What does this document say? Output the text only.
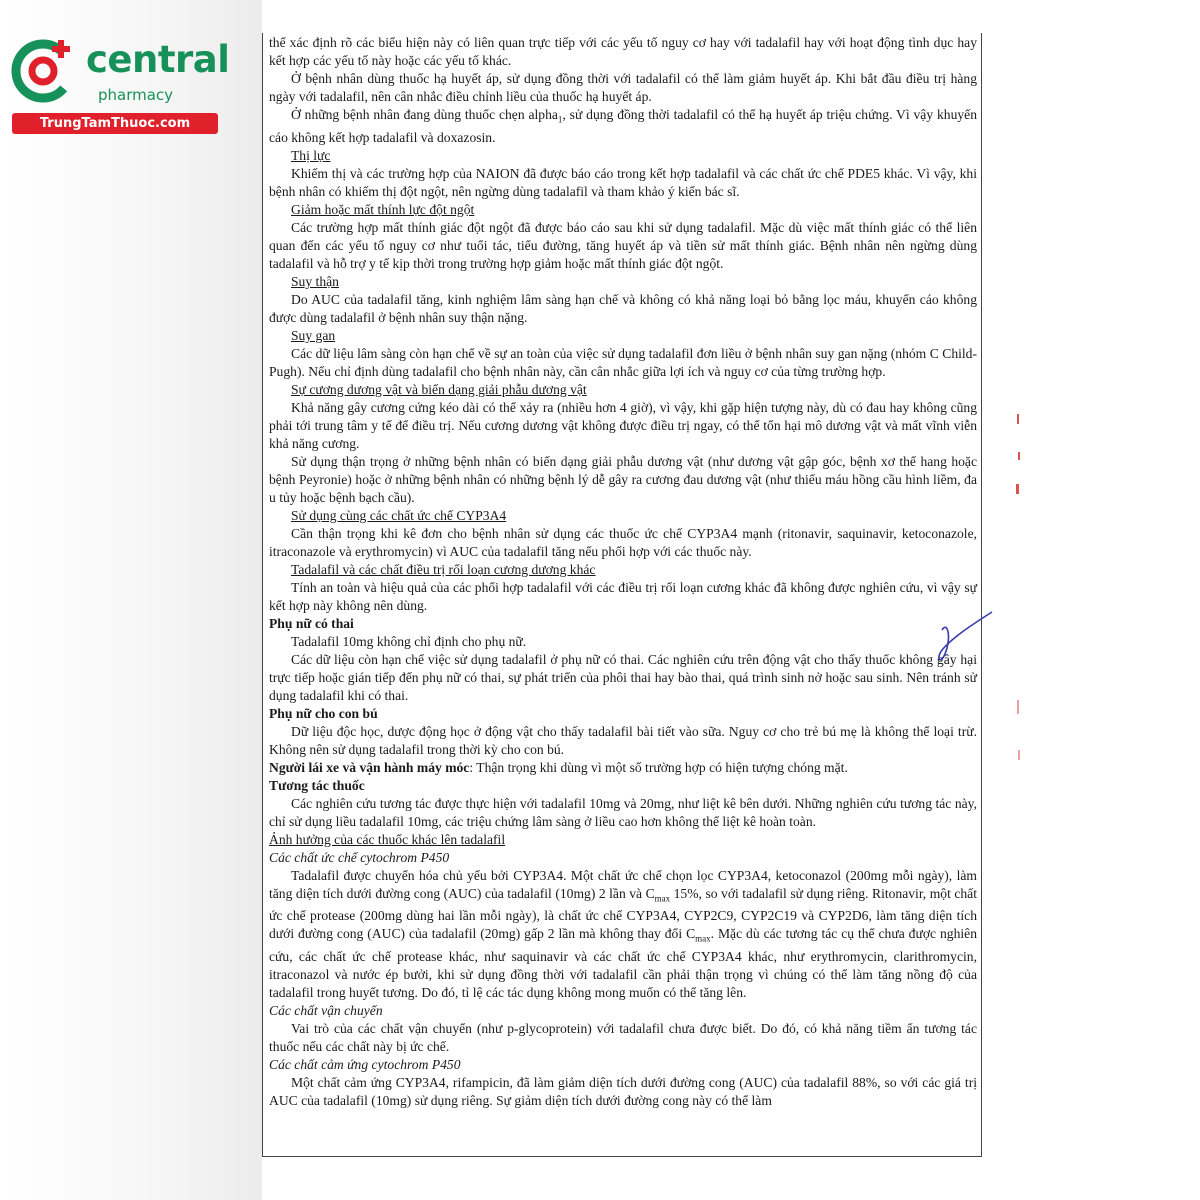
central
pharmacy
TrungTamThuoc.com

thể xác định rõ các biểu hiện này có liên quan trực tiếp với các yếu tố nguy cơ hay với tadalafil hay với hoạt động tình dục hay kết hợp các yếu tố này hoặc các yếu tố khác.

Ở bệnh nhân dùng thuốc hạ huyết áp, sử dụng đồng thời với tadalafil có thể làm giảm huyết áp. Khi bắt đầu điều trị hàng ngày với tadalafil, nên cân nhắc điều chỉnh liều của thuốc hạ huyết áp.

Ở những bệnh nhân đang dùng thuốc chẹn alpha$_1$, sử dụng đồng thời tadalafil có thể hạ huyết áp triệu chứng. Vì vậy khuyến cáo không kết hợp tadalafil và doxazosin.

Thị lực

Khiếm thị và các trường hợp của NAION đã được báo cáo trong kết hợp tadalafil và các chất ức chế PDE5 khác. Vì vậy, khi bệnh nhân có khiếm thị đột ngột, nên ngừng dùng tadalafil và tham khảo ý kiến bác sĩ.

Giảm hoặc mất thính lực đột ngột

Các trường hợp mất thính giác đột ngột đã được báo cáo sau khi sử dụng tadalafil. Mặc dù việc mất thính giác có thể liên quan đến các yếu tố nguy cơ như tuổi tác, tiểu đường, tăng huyết áp và tiền sử mất thính giác. Bệnh nhân nên ngừng dùng tadalafil và hỗ trợ y tế kịp thời trong trường hợp giảm hoặc mất thính giác đột ngột.

Suy thận

Do AUC của tadalafil tăng, kinh nghiệm lâm sàng hạn chế và không có khả năng loại bỏ bằng lọc máu, khuyến cáo không được dùng tadalafil ở bệnh nhân suy thận nặng.

Suy gan

Các dữ liệu lâm sàng còn hạn chế về sự an toàn của việc sử dụng tadalafil đơn liều ở bệnh nhân suy gan nặng (nhóm C Child-Pugh). Nếu chỉ định dùng tadalafil cho bệnh nhân này, cần cân nhắc giữa lợi ích và nguy cơ của từng trường hợp.

Sự cương dương vật và biến dạng giải phẫu dương vật

Khả năng gây cương cứng kéo dài có thể xảy ra (nhiều hơn 4 giờ), vì vậy, khi gặp hiện tượng này, dù có đau hay không cũng phải tới trung tâm y tế để điều trị. Nếu cương dương vật không được điều trị ngay, có thể tổn hại mô dương vật và mất vĩnh viễn khả năng cương.

Sử dụng thận trọng ở những bệnh nhân có biến dạng giải phẫu dương vật (như dương vật gập góc, bệnh xơ thể hang hoặc bệnh Peyronie) hoặc ở những bệnh nhân có những bệnh lý dễ gây ra cương đau dương vật (như thiếu máu hồng cầu hình liềm, đa u tủy hoặc bệnh bạch cầu).

Sử dụng cùng các chất ức chế CYP3A4

Cần thận trọng khi kê đơn cho bệnh nhân sử dụng các thuốc ức chế CYP3A4 mạnh (ritonavir, saquinavir, ketoconazole, itraconazole và erythromycin) vì AUC của tadalafil tăng nếu phối hợp với các thuốc này.

Tadalafil và các chất điều trị rối loạn cương dương khác

Tính an toàn và hiệu quả của các phối hợp tadalafil với các điều trị rối loạn cương khác đã không được nghiên cứu, vì vậy sự kết hợp này không nên dùng.

Phụ nữ có thai

Tadalafil 10mg không chỉ định cho phụ nữ.

Các dữ liệu còn hạn chế việc sử dụng tadalafil ở phụ nữ có thai. Các nghiên cứu trên động vật cho thấy thuốc không gây hại trực tiếp hoặc gián tiếp đến phụ nữ có thai, sự phát triển của phôi thai hay bào thai, quá trình sinh nở hoặc sau sinh. Nên tránh sử dụng tadalafil khi có thai.

Phụ nữ cho con bú

Dữ liệu độc học, dược động học ở động vật cho thấy tadalafil bài tiết vào sữa. Nguy cơ cho trẻ bú mẹ là không thể loại trừ. Không nên sử dụng tadalafil trong thời kỳ cho con bú.

Người lái xe và vận hành máy móc: Thận trọng khi dùng vì một số trường hợp có hiện tượng chóng mặt.

Tương tác thuốc

Các nghiên cứu tương tác được thực hiện với tadalafil 10mg và 20mg, như liệt kê bên dưới. Những nghiên cứu tương tác này, chỉ sử dụng liều tadalafil 10mg, các triệu chứng lâm sàng ở liều cao hơn không thể liệt kê hoàn toàn.

Ảnh hưởng của các thuốc khác lên tadalafil

Các chất ức chế cytochrom P450

Tadalafil được chuyển hóa chủ yếu bởi CYP3A4. Một chất ức chế chọn lọc CYP3A4, ketoconazol (200mg mỗi ngày), làm tăng diện tích dưới đường cong (AUC) của tadalafil (10mg) 2 lần và $C_{max}$ 15%, so với tadalafil sử dụng riêng. Ritonavir, một chất ức chế protease (200mg dùng hai lần mỗi ngày), là chất ức chế CYP3A4, CYP2C9, CYP2C19 và CYP2D6, làm tăng diện tích dưới đường cong (AUC) của tadalafil (20mg) gấp 2 lần mà không thay đổi $C_{max}$. Mặc dù các tương tác cụ thể chưa được nghiên cứu, các chất ức chế protease khác, như saquinavir và các chất ức chế CYP3A4 khác, như erythromycin, clarithromycin, itraconazol và nước ép bưởi, khi sử dụng đồng thời với tadalafil cần phải thận trọng vì chúng có thể làm tăng nồng độ của tadalafil trong huyết tương. Do đó, tỉ lệ các tác dụng không mong muốn có thể tăng lên.

Các chất vận chuyển

Vai trò của các chất vận chuyển (như p-glycoprotein) với tadalafil chưa được biết. Do đó, có khả năng tiềm ẩn tương tác thuốc nếu các chất này bị ức chế.

Các chất cảm ứng cytochrom P450

Một chất cảm ứng CYP3A4, rifampicin, đã làm giảm diện tích dưới đường cong (AUC) của tadalafil 88%, so với các giá trị AUC của tadalafil (10mg) sử dụng riêng. Sự giảm diện tích dưới đường cong này có thể làm
